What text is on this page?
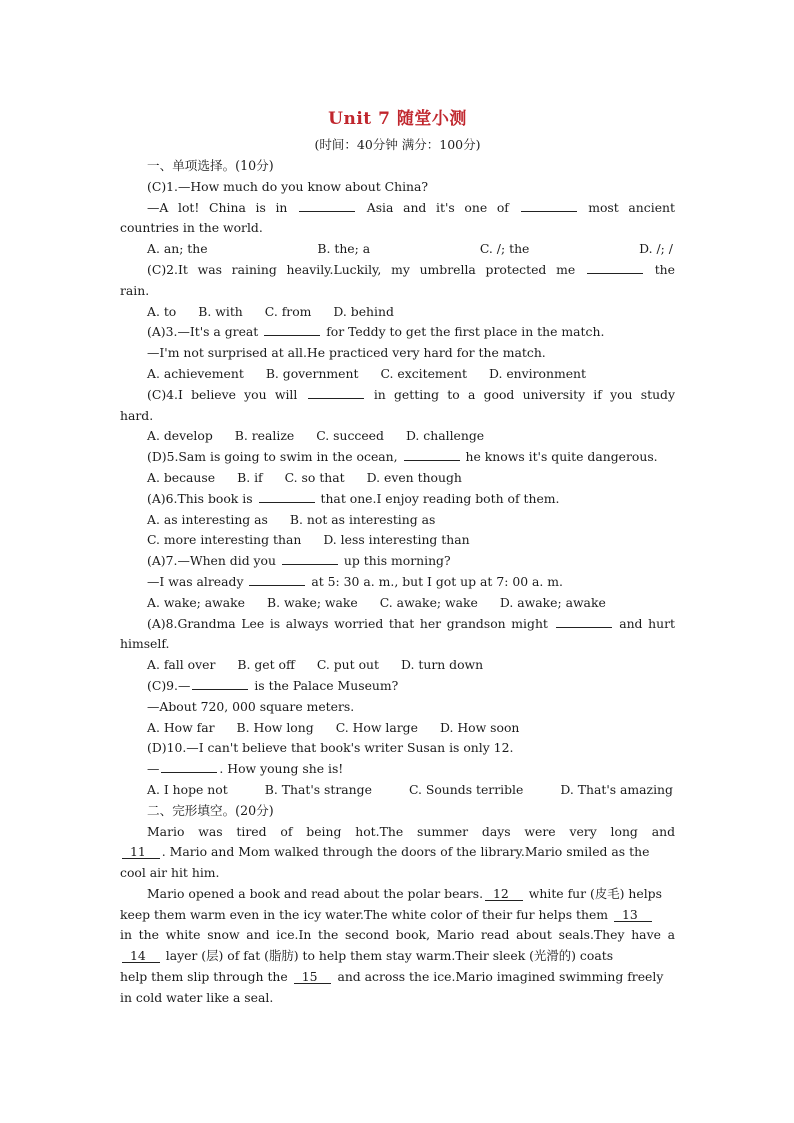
Unit 7 随堂小测
(时间：40分钟 满分：100分)
一、单项选择。(10分)
(C)1.—How much do you know about China?
—A lot! China is in	Asia and it's one of	most ancient
countries in the world.
A. an; the	B. the; a	C. /; the	D. /; /
(C)2.It was raining heavily.Luckily, my umbrella protected me	the
rain.
A. to B. with C. from D. behind
(A)3.—It's a great	for Teddy to get the first place in the match.
—I'm not surprised at all.He practiced very hard for the match.
A. achievement B. government C. excitement D. environment
(C)4.I believe you will	in getting to a good university if you study
hard.
A. develop B. realize C. succeed D. challenge
(D)5.Sam is going to swim in the ocean,	he knows it's quite dangerous.
A. because B. if C. so that D. even though
(A)6.This book is	that one.I enjoy reading both of them.
A. as interesting as B. not as interesting as
C. more interesting than D. less interesting than
(A)7.—When did you	up this morning?
—I was already	at 5: 30 a. m., but I got up at 7: 00 a. m.
A. wake; awake B. wake; wake C. awake; wake D. awake; awake
(A)8.Grandma Lee is always worried that her grandson might	and hurt
himself.
A. fall over B. get off C. put out D. turn down
(C)9.—	is the Palace Museum?
—About 720, 000 square meters.
A. How far B. How long C. How large D. How soon
(D)10.—I can't believe that book's writer Susan is only 12.
—	. How young she is!
A. I hope not	B. That's strange	C. Sounds terrible	D. That's amazing
二、完形填空。(20分)
Mario was tired of being hot.The summer days were very long and
11 . Mario and Mom walked through the doors of the library.Mario smiled as the
cool air hit him.
Mario opened a book and read about the polar bears. 12 white fur (皮毛) helps
keep them warm even in the icy water.The white color of their fur helps them 13
in the white snow and ice.In the second book, Mario read about seals.They have a
14 layer (层) of fat (脂肪) to help them stay warm.Their sleek (光滑的) coats
help them slip through the 15 and across the ice.Mario imagined swimming freely
in cold water like a seal.
